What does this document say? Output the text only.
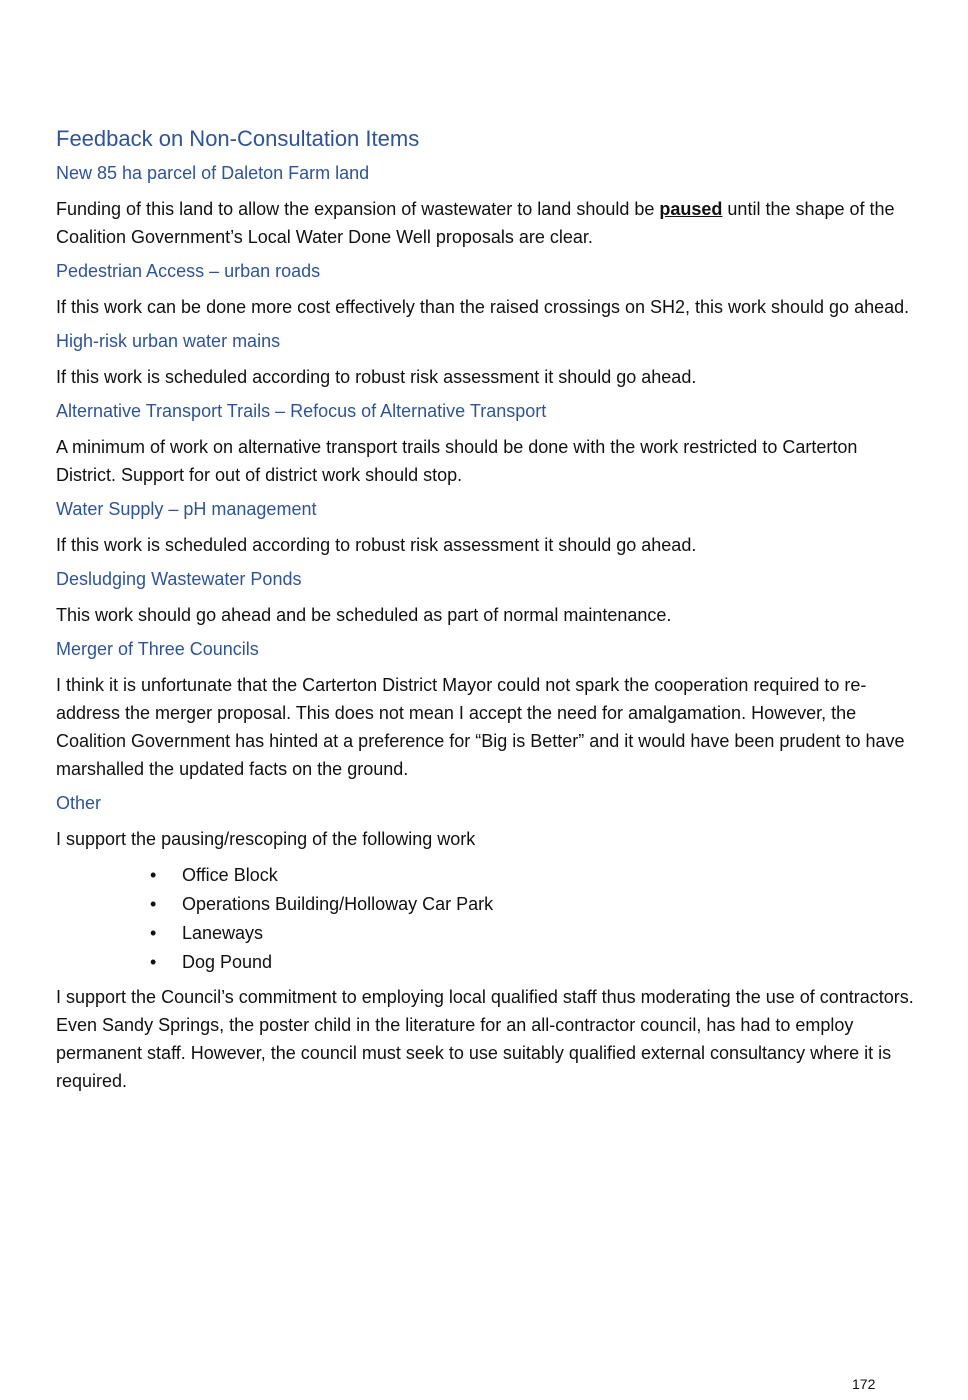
Feedback on Non-Consultation Items
New 85 ha parcel of Daleton Farm land

Funding of this land to allow the expansion of wastewater to land should be paused until the shape of the Coalition Government’s Local Water Done Well proposals are clear.

Pedestrian Access – urban roads

If this work can be done more cost effectively than the raised crossings on SH2, this work should go ahead.

High-risk urban water mains

If this work is scheduled according to robust risk assessment it should go ahead.

Alternative Transport Trails – Refocus of Alternative Transport

A minimum of work on alternative transport trails should be done with the work restricted to Carterton District. Support for out of district work should stop.

Water Supply – pH management

If this work is scheduled according to robust risk assessment it should go ahead.

Desludging Wastewater Ponds

This work should go ahead and be scheduled as part of normal maintenance.

Merger of Three Councils

I think it is unfortunate that the Carterton District Mayor could not spark the cooperation required to re-address the merger proposal. This does not mean I accept the need for amalgamation. However, the Coalition Government has hinted at a preference for “Big is Better” and it would have been prudent to have marshalled the updated facts on the ground.

Other

I support the pausing/rescoping of the following work

• Office Block
• Operations Building/Holloway Car Park
• Laneways
• Dog Pound

I support the Council’s commitment to employing local qualified staff thus moderating the use of contractors. Even Sandy Springs, the poster child in the literature for an all-contractor council, has had to employ permanent staff. However, the council must seek to use suitably qualified external consultancy where it is required.

172
